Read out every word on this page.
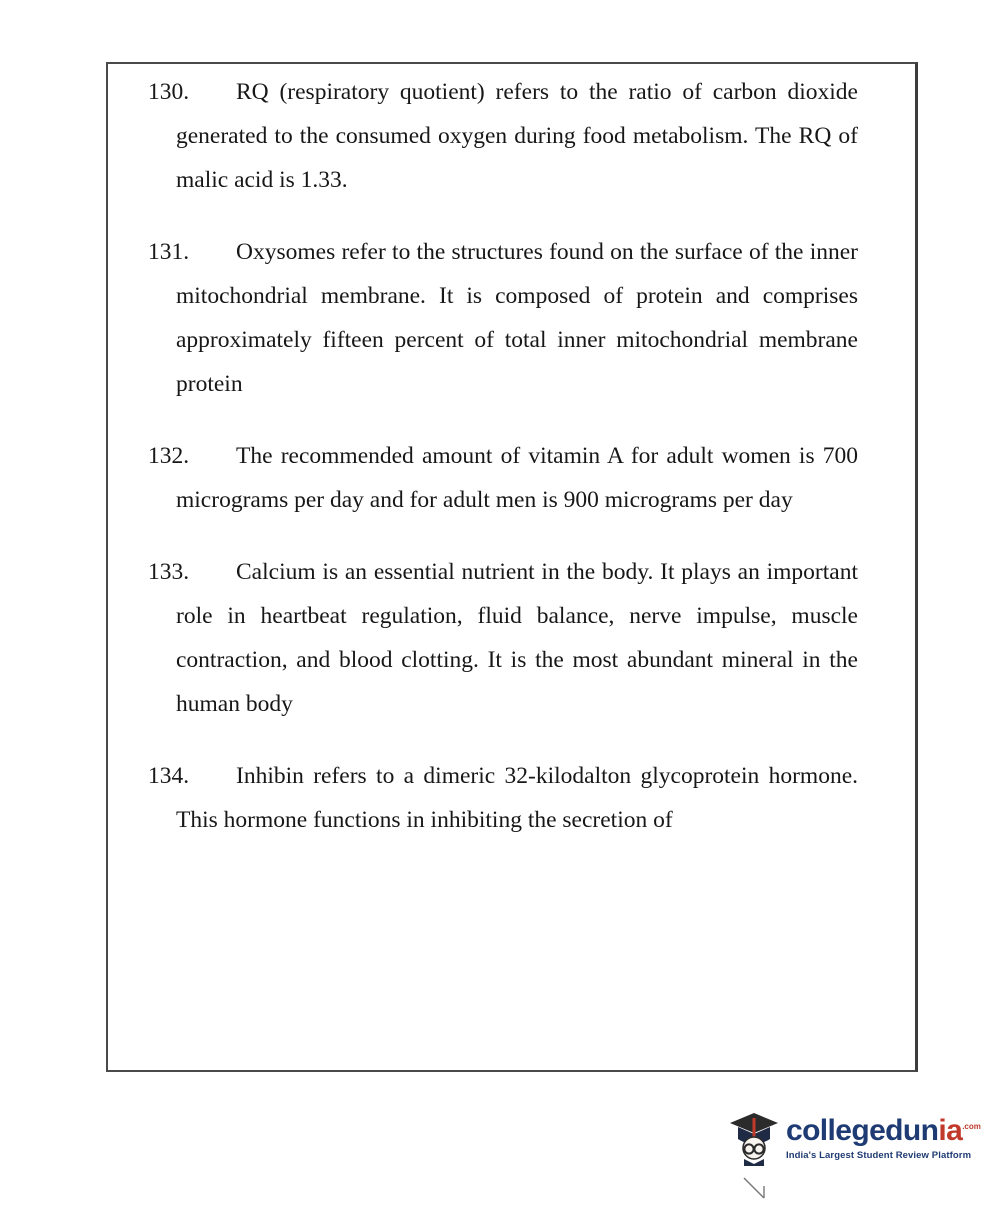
130. RQ (respiratory quotient) refers to the ratio of carbon dioxide generated to the consumed oxygen during food metabolism. The RQ of malic acid is 1.33.

131. Oxysomes refer to the structures found on the surface of the inner mitochondrial membrane. It is composed of protein and comprises approximately fifteen percent of total inner mitochondrial membrane protein

132. The recommended amount of vitamin A for adult women is 700 micrograms per day and for adult men is 900 micrograms per day

133. Calcium is an essential nutrient in the body. It plays an important role in heartbeat regulation, fluid balance, nerve impulse, muscle contraction, and blood clotting. It is the most abundant mineral in the human body

134. Inhibin refers to a dimeric 32-kilodalton glycoprotein hormone. This hormone functions in inhibiting the secretion of

collegedunia$^{.com}$
India's Largest Student Review Platform
